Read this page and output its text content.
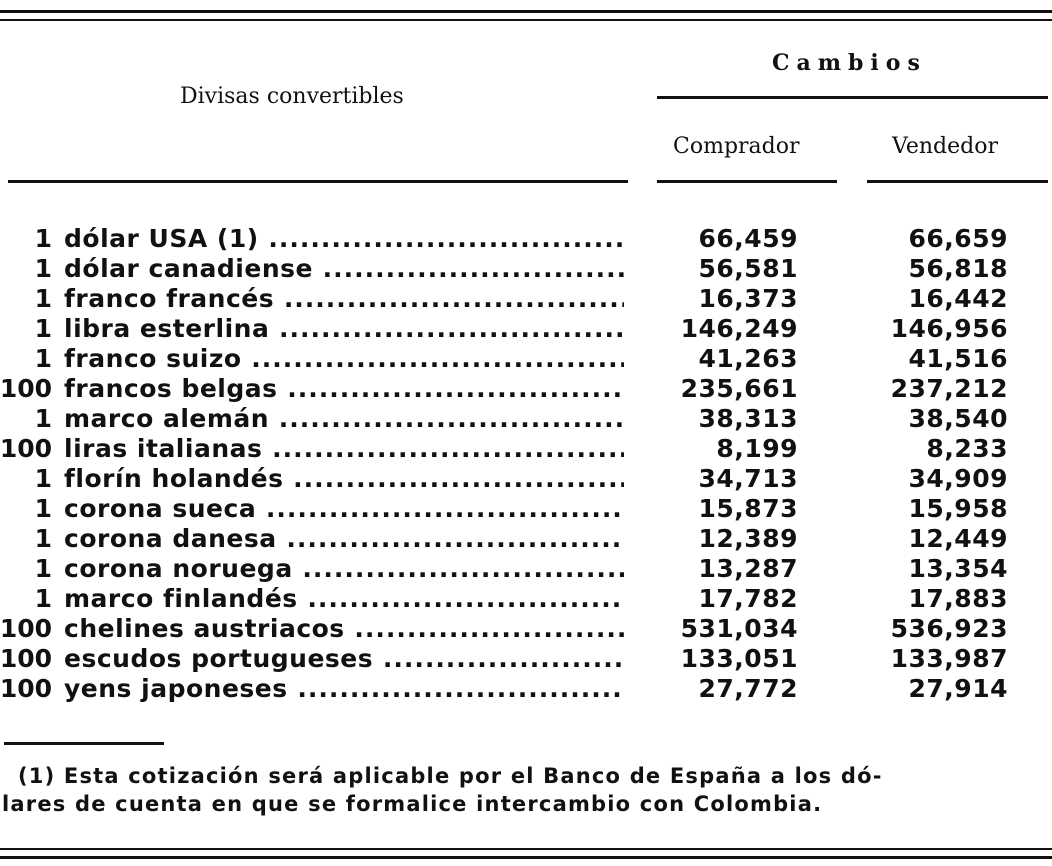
Divisas convertibles
Cambios
Comprador	Vendedor
1 dólar USA (1) .....	66,459	66,659
1 dólar canadiense .....	56,581	56,818
1 franco francés .....	16,373	16,442
1 libra esterlina .....	146,249	146,956
1 franco suizo .....	41,263	41,516
100 francos belgas .....	235,661	237,212
1 marco alemán .....	38,313	38,540
100 liras italianas .....	8,199	8,233
1 florín holandés .....	34,713	34,909
1 corona sueca .....	15,873	15,958
1 corona danesa .....	12,389	12,449
1 corona noruega .....	13,287	13,354
1 marco finlandés .....	17,782	17,883
100 chelines austriacos .....	531,034	536,923
100 escudos portugueses .....	133,051	133,987
100 yens japoneses .....	27,772	27,914
(1) Esta cotización será aplicable por el Banco de España a los dó-
lares de cuenta en que se formalice intercambio con Colombia.
